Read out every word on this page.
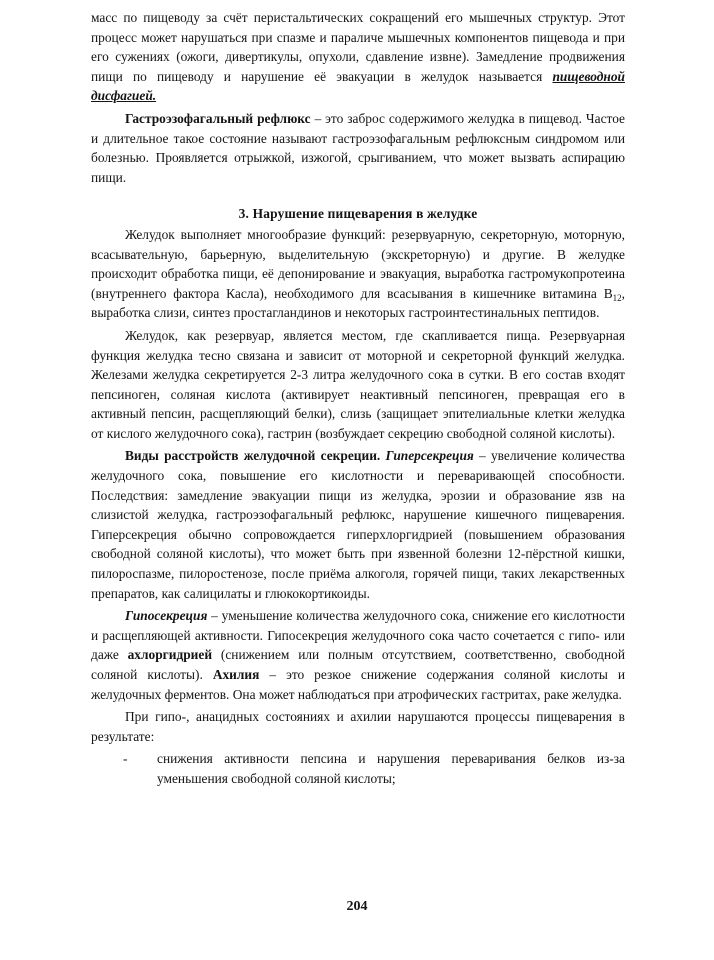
масс по пищеводу за счёт перистальтических сокращений его мышечных структур. Этот процесс может нарушаться при спазме и параличе мышечных компонентов пищевода и при его сужениях (ожоги, дивертикулы, опухоли, сдавление извне). Замедление продвижения пищи по пищеводу и нарушение её эвакуации в желудок называется пищеводной дисфагией.

Гастроэзофагальный рефлюкс – это заброс содержимого желудка в пищевод. Частое и длительное такое состояние называют гастроэзофагальным рефлюксным синдромом или болезнью. Проявляется отрыжкой, изжогой, срыгиванием, что может вызвать аспирацию пищи.

3. Нарушение пищеварения в желудке

Желудок выполняет многообразие функций: резервуарную, секреторную, моторную, всасывательную, барьерную, выделительную (экскреторную) и другие. В желудке происходит обработка пищи, её депонирование и эвакуация, выработка гастромукопротеина (внутреннего фактора Касла), необходимого для всасывания в кишечнике витамина $В_{12}$, выработка слизи, синтез простагландинов и некоторых гастроинтестинальных пептидов.

Желудок, как резервуар, является местом, где скапливается пища. Резервуарная функция желудка тесно связана и зависит от моторной и секреторной функций желудка. Железами желудка секретируется 2-3 литра желудочного сока в сутки. В его состав входят пепсиноген, соляная кислота (активирует неактивный пепсиноген, превращая его в активный пепсин, расщепляющий белки), слизь (защищает эпителиальные клетки желудка от кислого желудочного сока), гастрин (возбуждает секрецию свободной соляной кислоты).

Виды расстройств желудочной секреции. Гиперсекреция – увеличение количества желудочного сока, повышение его кислотности и переваривающей способности. Последствия: замедление эвакуации пищи из желудка, эрозии и образование язв на слизистой желудка, гастроэзофагальный рефлюкс, нарушение кишечного пищеварения. Гиперсекреция обычно сопровождается гиперхлоргидрией (повышением образования свободной соляной кислоты), что может быть при язвенной болезни 12-пёрстной кишки, пилороспазме, пилоростенозе, после приёма алкоголя, горячей пищи, таких лекарственных препаратов, как салицилаты и глюкокортикоиды.

Гипосекреция – уменьшение количества желудочного сока, снижение его кислотности и расщепляющей активности. Гипосекреция желудочного сока часто сочетается с гипо- или даже ахлоргидрией (снижением или полным отсутствием, соответственно, свободной соляной кислоты). Ахилия – это резкое снижение содержания соляной кислоты и желудочных ферментов. Она может наблюдаться при атрофических гастритах, раке желудка.

При гипо-, анацидных состояниях и ахилии нарушаются процессы пищеварения в результате:

- снижения активности пепсина и нарушения переваривания белков из-за уменьшения свободной соляной кислоты;
204
